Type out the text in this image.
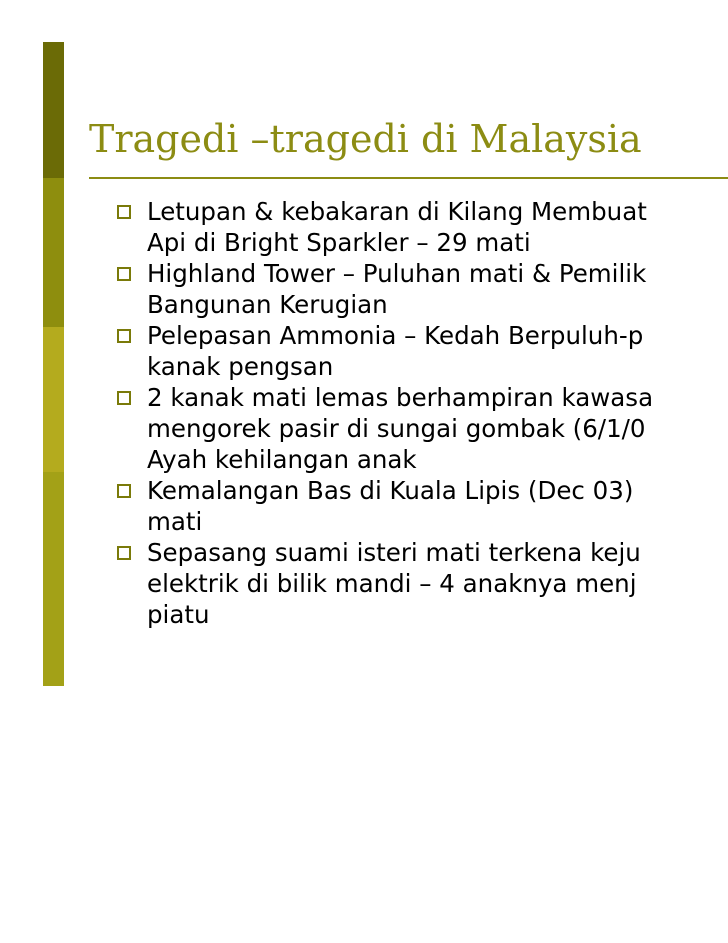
Tragedi –tragedi di Malaysia
Letupan & kebakaran di Kilang Membuat
Api di Bright Sparkler – 29 mati
Highland Tower – Puluhan mati & Pemilik
Bangunan Kerugian
Pelepasan Ammonia – Kedah Berpuluh-p
kanak pengsan
2 kanak mati lemas berhampiran kawasa
mengorek pasir di sungai gombak (6/1/0
Ayah kehilangan anak
Kemalangan Bas di Kuala Lipis (Dec 03)
mati
Sepasang suami isteri mati terkena keju
elektrik di bilik mandi – 4 anaknya menj
piatu
